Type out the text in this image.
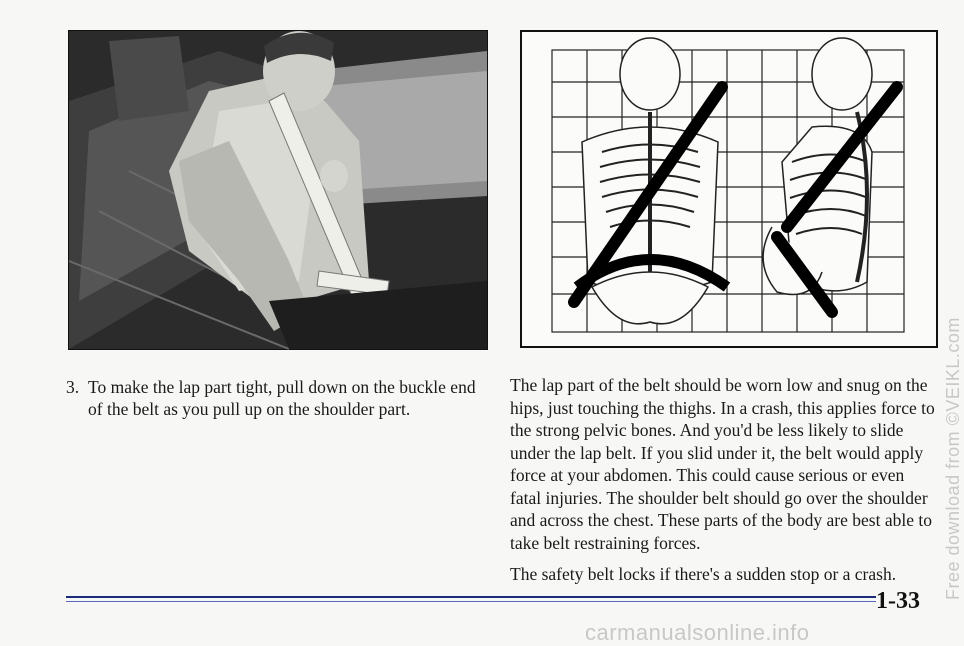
3. To make the lap part tight, pull down on the buckle end of the belt as you pull up on the shoulder part.

The lap part of the belt should be worn low and snug on the hips, just touching the thighs. In a crash, this applies force to the strong pelvic bones. And you'd be less likely to slide under the lap belt. If you slid under it, the belt would apply force at your abdomen. This could cause serious or even fatal injuries. The shoulder belt should go over the shoulder and across the chest. These parts of the body are best able to take belt restraining forces.

The safety belt locks if there's a sudden stop or a crash.

1-33
Free download from ©VEIKL.com
carmanualsonline.info
